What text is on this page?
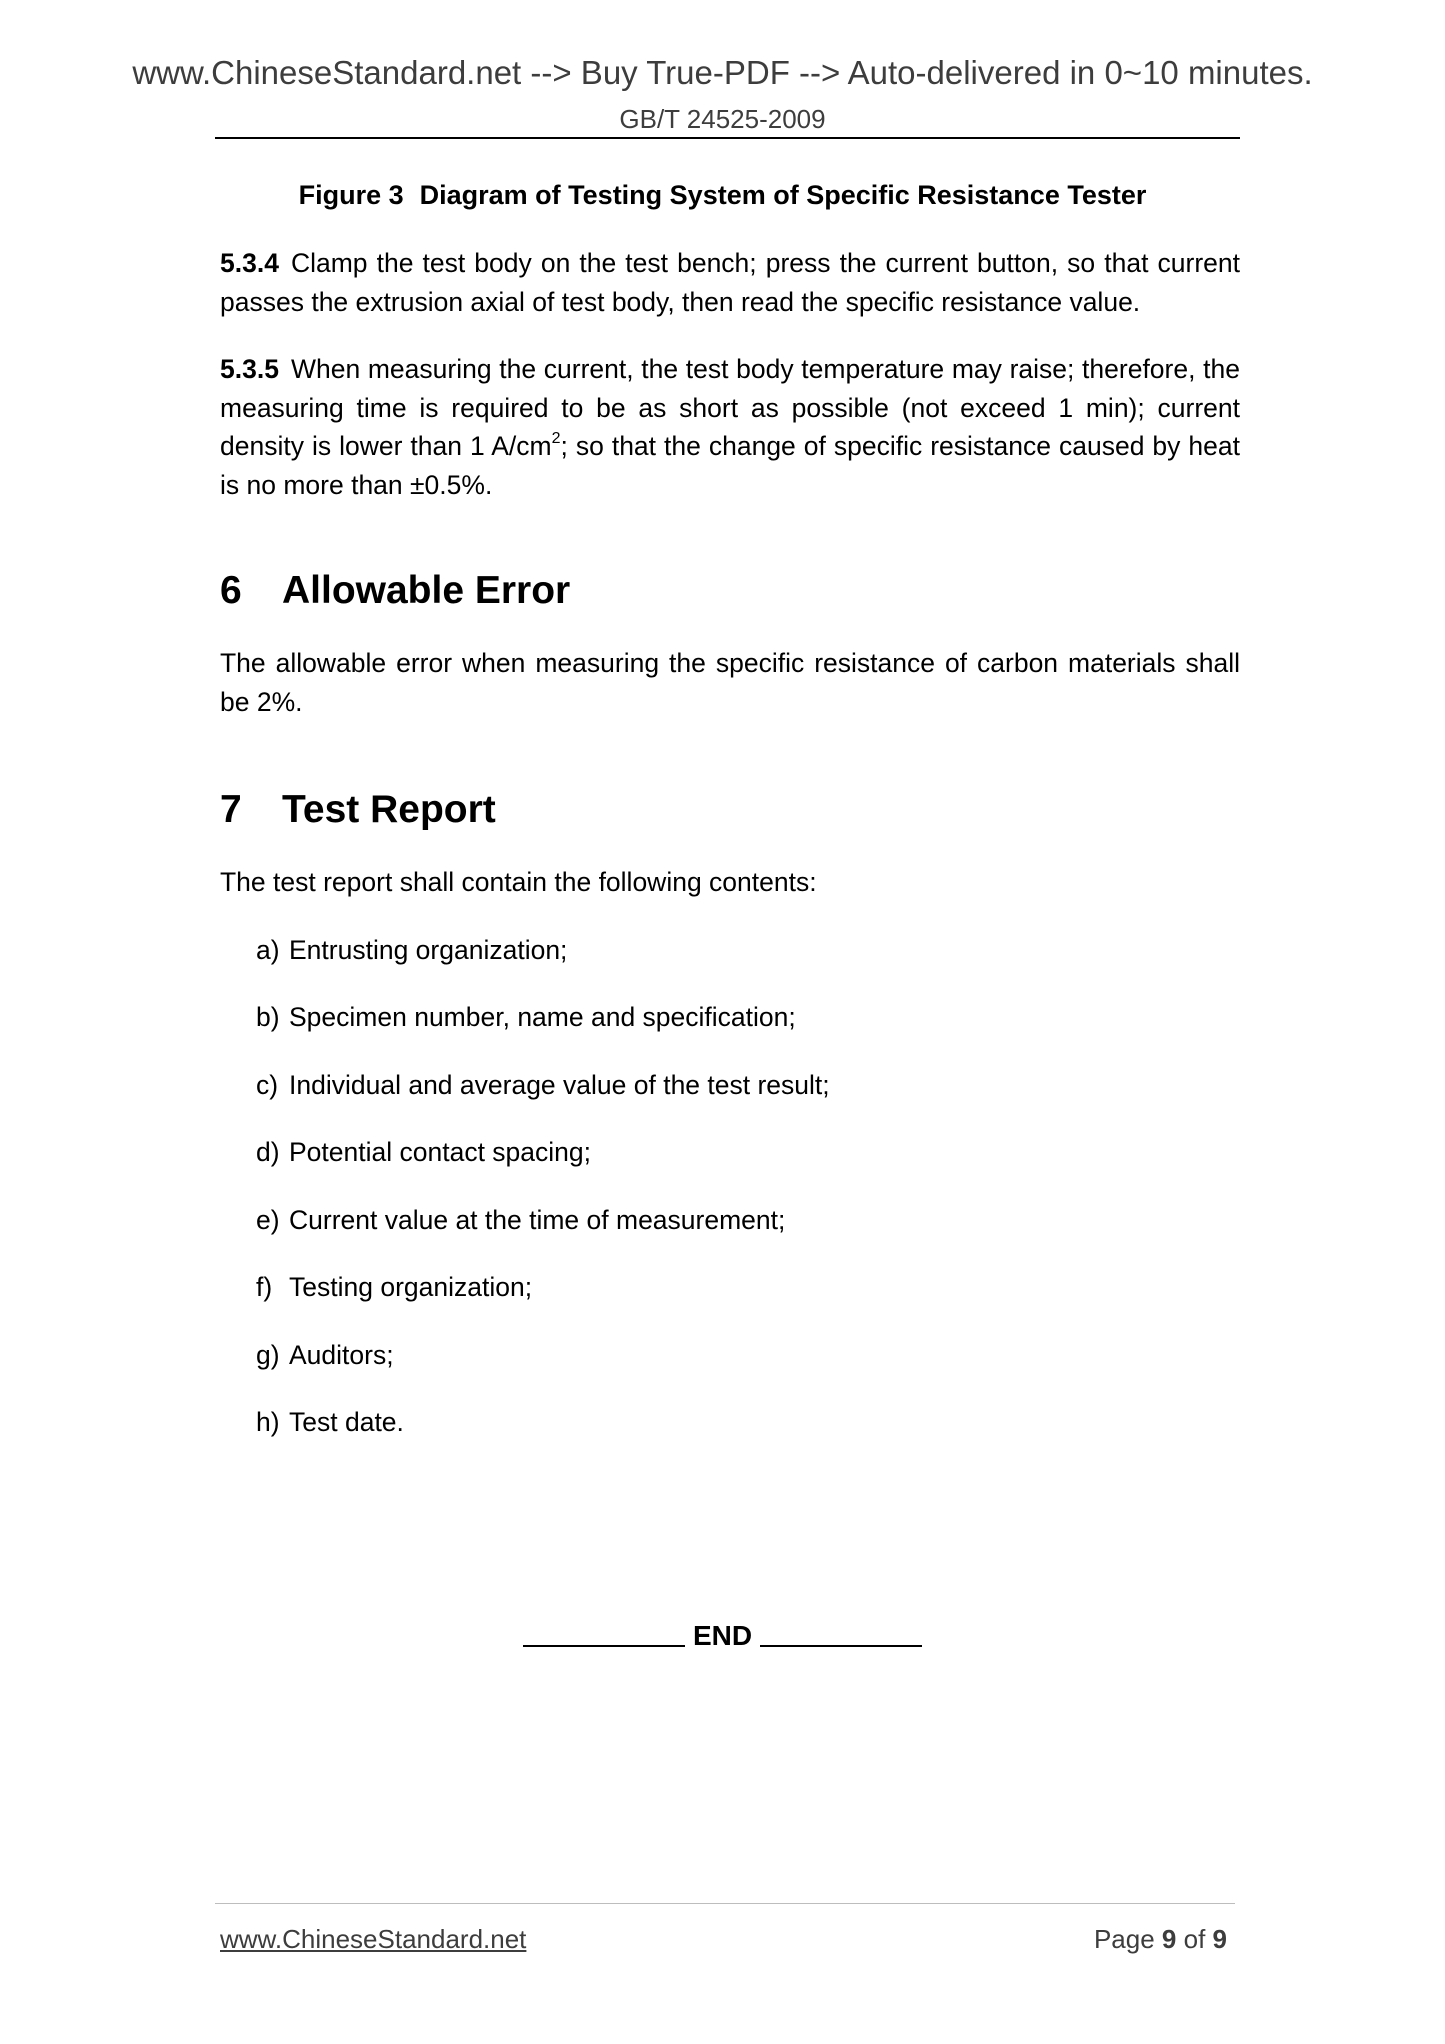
www.ChineseStandard.net --> Buy True-PDF --> Auto-delivered in 0~10 minutes.
GB/T 24525-2009
Figure 3 Diagram of Testing System of Specific Resistance Tester

5.3.4 Clamp the test body on the test bench; press the current button, so that current passes the extrusion axial of test body, then read the specific resistance value.

5.3.5 When measuring the current, the test body temperature may raise; therefore, the measuring time is required to be as short as possible (not exceed 1 min); current density is lower than 1 $A/cm^2$; so that the change of specific resistance caused by heat is no more than ±0.5%.

6 Allowable Error

The allowable error when measuring the specific resistance of carbon materials shall be 2%.

7 Test Report

The test report shall contain the following contents:

a) Entrusting organization;
b) Specimen number, name and specification;
c) Individual and average value of the test result;
d) Potential contact spacing;
e) Current value at the time of measurement;
f) Testing organization;
g) Auditors;
h) Test date.
END
www.ChineseStandard.net	Page 9 of 9
